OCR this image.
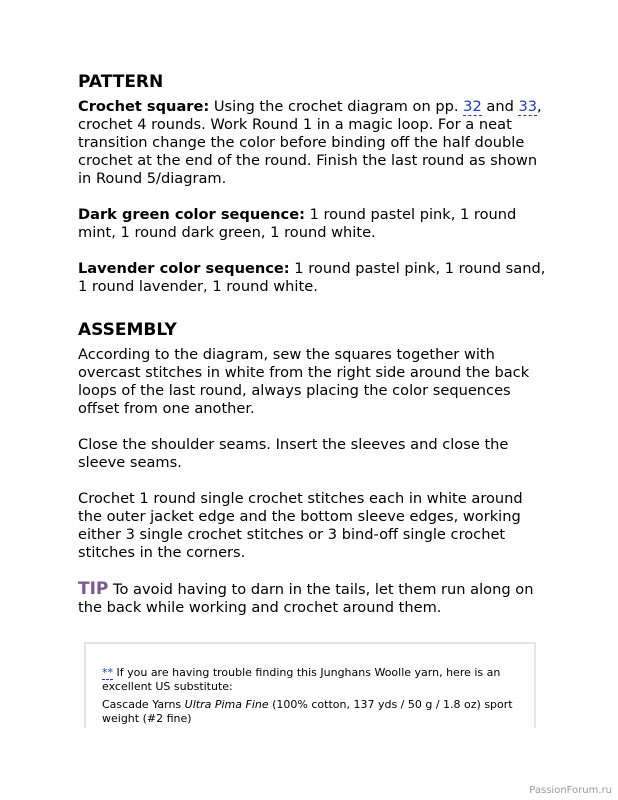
PATTERN

Crochet square: Using the crochet diagram on pp. 32 and 33, crochet 4 rounds. Work Round 1 in a magic loop. For a neat transition change the color before binding off the half double crochet at the end of the round. Finish the last round as shown in Round 5/diagram.

Dark green color sequence: 1 round pastel pink, 1 round mint, 1 round dark green, 1 round white.

Lavender color sequence: 1 round pastel pink, 1 round sand, 1 round lavender, 1 round white.

ASSEMBLY

According to the diagram, sew the squares together with overcast stitches in white from the right side around the back loops of the last round, always placing the color sequences offset from one another.

Close the shoulder seams. Insert the sleeves and close the sleeve seams.

Crochet 1 round single crochet stitches each in white around the outer jacket edge and the bottom sleeve edges, working either 3 single crochet stitches or 3 bind-off single crochet stitches in the corners.

TIP To avoid having to darn in the tails, let them run along on the back while working and crochet around them.

** If you are having trouble finding this Junghans Woolle yarn, here is an excellent US substitute:

Cascade Yarns Ultra Pima Fine (100% cotton, 137 yds / 50 g / 1.8 oz) sport weight (#2 fine)

PassionForum.ru
